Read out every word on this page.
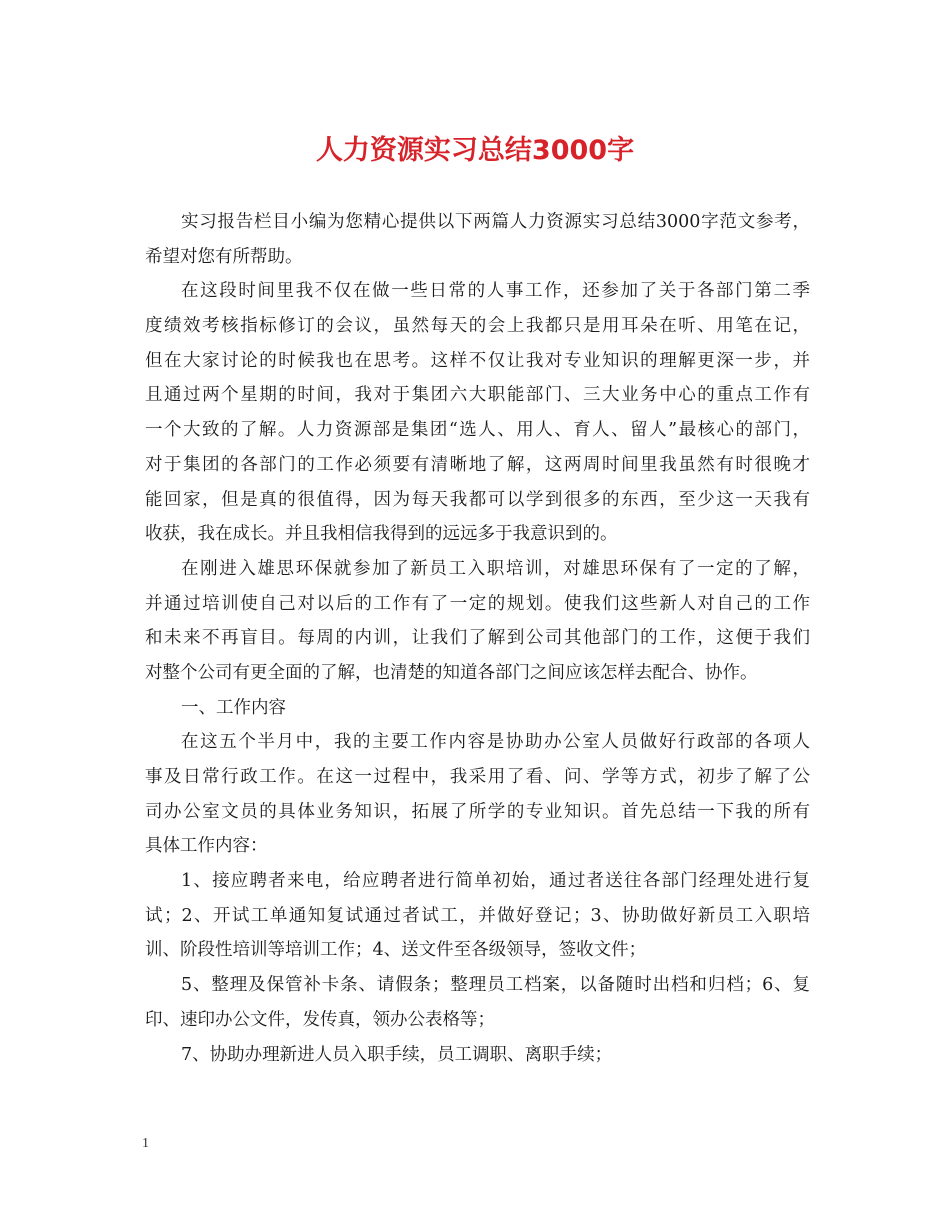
人力资源实习总结3000字
实习报告栏目小编为您精心提供以下两篇人力资源实习总结3000字范文参考，
希望对您有所帮助。
在这段时间里我不仅在做一些日常的人事工作，还参加了关于各部门第二季
度绩效考核指标修订的会议，虽然每天的会上我都只是用耳朵在听、用笔在记，
但在大家讨论的时候我也在思考。这样不仅让我对专业知识的理解更深一步，并
且通过两个星期的时间，我对于集团六大职能部门、三大业务中心的重点工作有
一个大致的了解。人力资源部是集团“选人、用人、育人、留人”最核心的部门，
对于集团的各部门的工作必须要有清晰地了解，这两周时间里我虽然有时很晚才
能回家，但是真的很值得，因为每天我都可以学到很多的东西，至少这一天我有
收获，我在成长。并且我相信我得到的远远多于我意识到的。
在刚进入雄思环保就参加了新员工入职培训，对雄思环保有了一定的了解，
并通过培训使自己对以后的工作有了一定的规划。使我们这些新人对自己的工作
和未来不再盲目。每周的内训，让我们了解到公司其他部门的工作，这便于我们
对整个公司有更全面的了解，也清楚的知道各部门之间应该怎样去配合、协作。
一、工作内容
在这五个半月中，我的主要工作内容是协助办公室人员做好行政部的各项人
事及日常行政工作。在这一过程中，我采用了看、问、学等方式，初步了解了公
司办公室文员的具体业务知识，拓展了所学的专业知识。首先总结一下我的所有
具体工作内容：
1、接应聘者来电，给应聘者进行简单初始，通过者送往各部门经理处进行复
试；2、开试工单通知复试通过者试工，并做好登记；3、协助做好新员工入职培
训、阶段性培训等培训工作；4、送文件至各级领导，签收文件；
5、整理及保管补卡条、请假条；整理员工档案，以备随时出档和归档；6、复
印、速印办公文件，发传真，领办公表格等；
7、协助办理新进人员入职手续，员工调职、离职手续；
1
